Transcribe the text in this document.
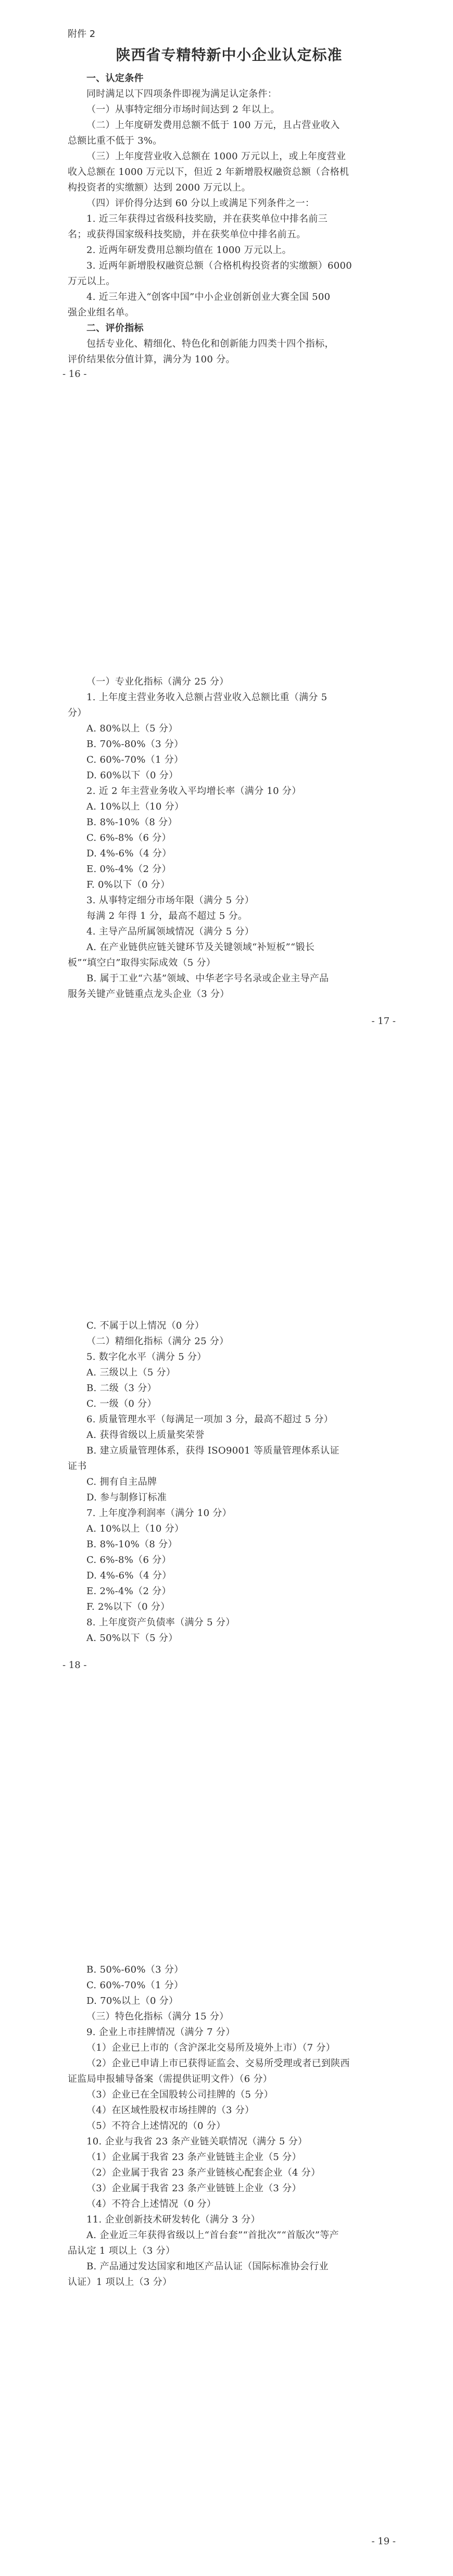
附件 2
陕西省专精特新中小企业认定标准
一、认定条件
同时满足以下四项条件即视为满足认定条件：
（一）从事特定细分市场时间达到 2 年以上。
（二）上年度研发费用总额不低于 100 万元，且占营业收入
总额比重不低于 3%。
（三）上年度营业收入总额在 1000 万元以上，或上年度营业
收入总额在 1000 万元以下，但近 2 年新增股权融资总额（合格机
构投资者的实缴额）达到 2000 万元以上。
（四）评价得分达到 60 分以上或满足下列条件之一：
1. 近三年获得过省级科技奖励，并在获奖单位中排名前三
名；或获得国家级科技奖励，并在获奖单位中排名前五。
2. 近两年研发费用总额均值在 1000 万元以上。
3. 近两年新增股权融资总额（合格机构投资者的实缴额）6000
万元以上。
4. 近三年进入“创客中国”中小企业创新创业大赛全国 500
强企业组名单。
二、评价指标
包括专业化、精细化、特色化和创新能力四类十四个指标，
评价结果依分值计算，满分为 100 分。
- 16 -
（一）专业化指标（满分 25 分）
1. 上年度主营业务收入总额占营业收入总额比重（满分 5
分）
A. 80%以上（5 分）
B. 70%-80%（3 分）
C. 60%-70%（1 分）
D. 60%以下（0 分）
2. 近 2 年主营业务收入平均增长率（满分 10 分）
A. 10%以上（10 分）
B. 8%-10%（8 分）
C. 6%-8%（6 分）
D. 4%-6%（4 分）
E. 0%-4%（2 分）
F. 0%以下（0 分）
3. 从事特定细分市场年限（满分 5 分）
每满 2 年得 1 分，最高不超过 5 分。
4. 主导产品所属领域情况（满分 5 分）
A. 在产业链供应链关键环节及关键领域“补短板”“锻长
板”“填空白”取得实际成效（5 分）
B. 属于工业“六基”领域、中华老字号名录或企业主导产品
服务关键产业链重点龙头企业（3 分）
- 17 -
C. 不属于以上情况（0 分）
（二）精细化指标（满分 25 分）
5. 数字化水平（满分 5 分）
A. 三级以上（5 分）
B. 二级（3 分）
C. 一级（0 分）
6. 质量管理水平（每满足一项加 3 分，最高不超过 5 分）
A. 获得省级以上质量奖荣誉
B. 建立质量管理体系，获得 ISO9001 等质量管理体系认证
证书
C. 拥有自主品牌
D. 参与制修订标准
7. 上年度净利润率（满分 10 分）
A. 10%以上（10 分）
B. 8%-10%（8 分）
C. 6%-8%（6 分）
D. 4%-6%（4 分）
E. 2%-4%（2 分）
F. 2%以下（0 分）
8. 上年度资产负债率（满分 5 分）
A. 50%以下（5 分）
- 18 -
B. 50%-60%（3 分）
C. 60%-70%（1 分）
D. 70%以上（0 分）
（三）特色化指标（满分 15 分）
9. 企业上市挂牌情况（满分 7 分）
（1）企业已上市的（含沪深北交易所及境外上市）（7 分）
（2）企业已申请上市已获得证监会、交易所受理或者已到陕西
证监局申报辅导备案（需提供证明文件）（6 分）
（3）企业已在全国股转公司挂牌的（5 分）
（4）在区域性股权市场挂牌的（3 分）
（5）不符合上述情况的（0 分）
10. 企业与我省 23 条产业链关联情况（满分 5 分）
（1）企业属于我省 23 条产业链链主企业（5 分）
（2）企业属于我省 23 条产业链核心配套企业（4 分）
（3）企业属于我省 23 条产业链链上企业（3 分）
（4）不符合上述情况（0 分）
11. 企业创新技术研发转化（满分 3 分）
A. 企业近三年获得省级以上“首台套”“首批次”“首版次”等产
品认定 1 项以上（3 分）
B. 产品通过发达国家和地区产品认证（国际标准协会行业
认证）1 项以上（3 分）
- 19 -
